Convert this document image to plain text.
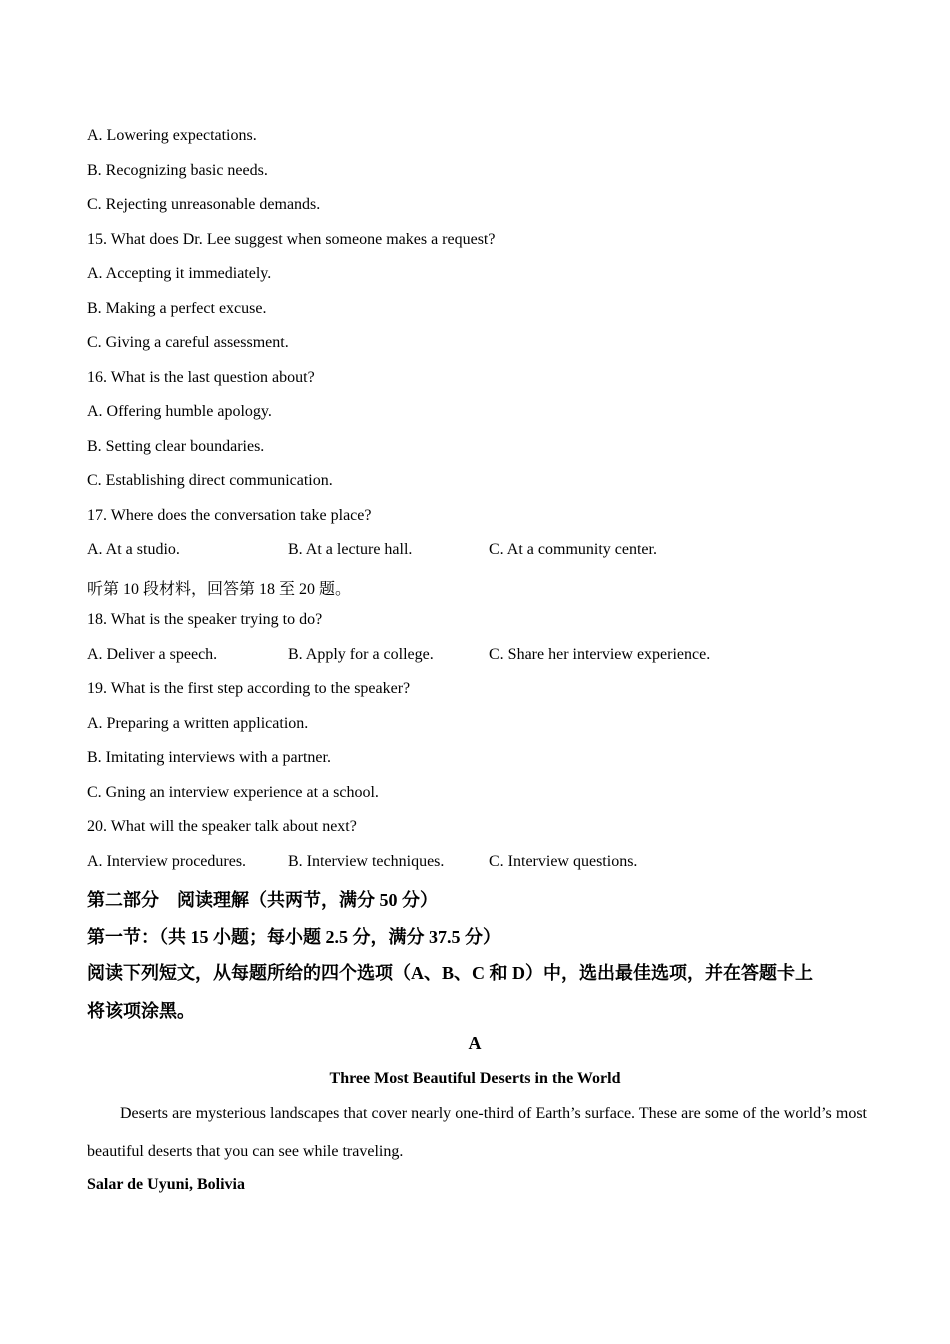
A. Lowering expectations.
B. Recognizing basic needs.
C. Rejecting unreasonable demands.
15. What does Dr. Lee suggest when someone makes a request?
A. Accepting it immediately.
B. Making a perfect excuse.
C. Giving a careful assessment.
16. What is the last question about?
A. Offering humble apology.
B. Setting clear boundaries.
C. Establishing direct communication.
17. Where does the conversation take place?
A. At a studio.	B. At a lecture hall.	C. At a community center.
听第 10 段材料，回答第 18 至 20 题。
18. What is the speaker trying to do?
A. Deliver a speech.	B. Apply for a college.	C. Share her interview experience.
19. What is the first step according to the speaker?
A. Preparing a written application.
B. Imitating interviews with a partner.
C. Gning an interview experience at a school.
20. What will the speaker talk about next?
A. Interview procedures.	B. Interview techniques.	C. Interview questions.
第二部分　阅读理解（共两节，满分 50 分）
第一节：（共 15 小题；每小题 2.5 分，满分 37.5 分）
阅读下列短文，从每题所给的四个选项（A、B、C 和 D）中，选出最佳选项，并在答题卡上
将该项涂黑。
A
Three Most Beautiful Deserts in the World
Deserts are mysterious landscapes that cover nearly one-third of Earth’s surface. These are some of the world’s most beautiful deserts that you can see while traveling.
Salar de Uyuni, Bolivia
